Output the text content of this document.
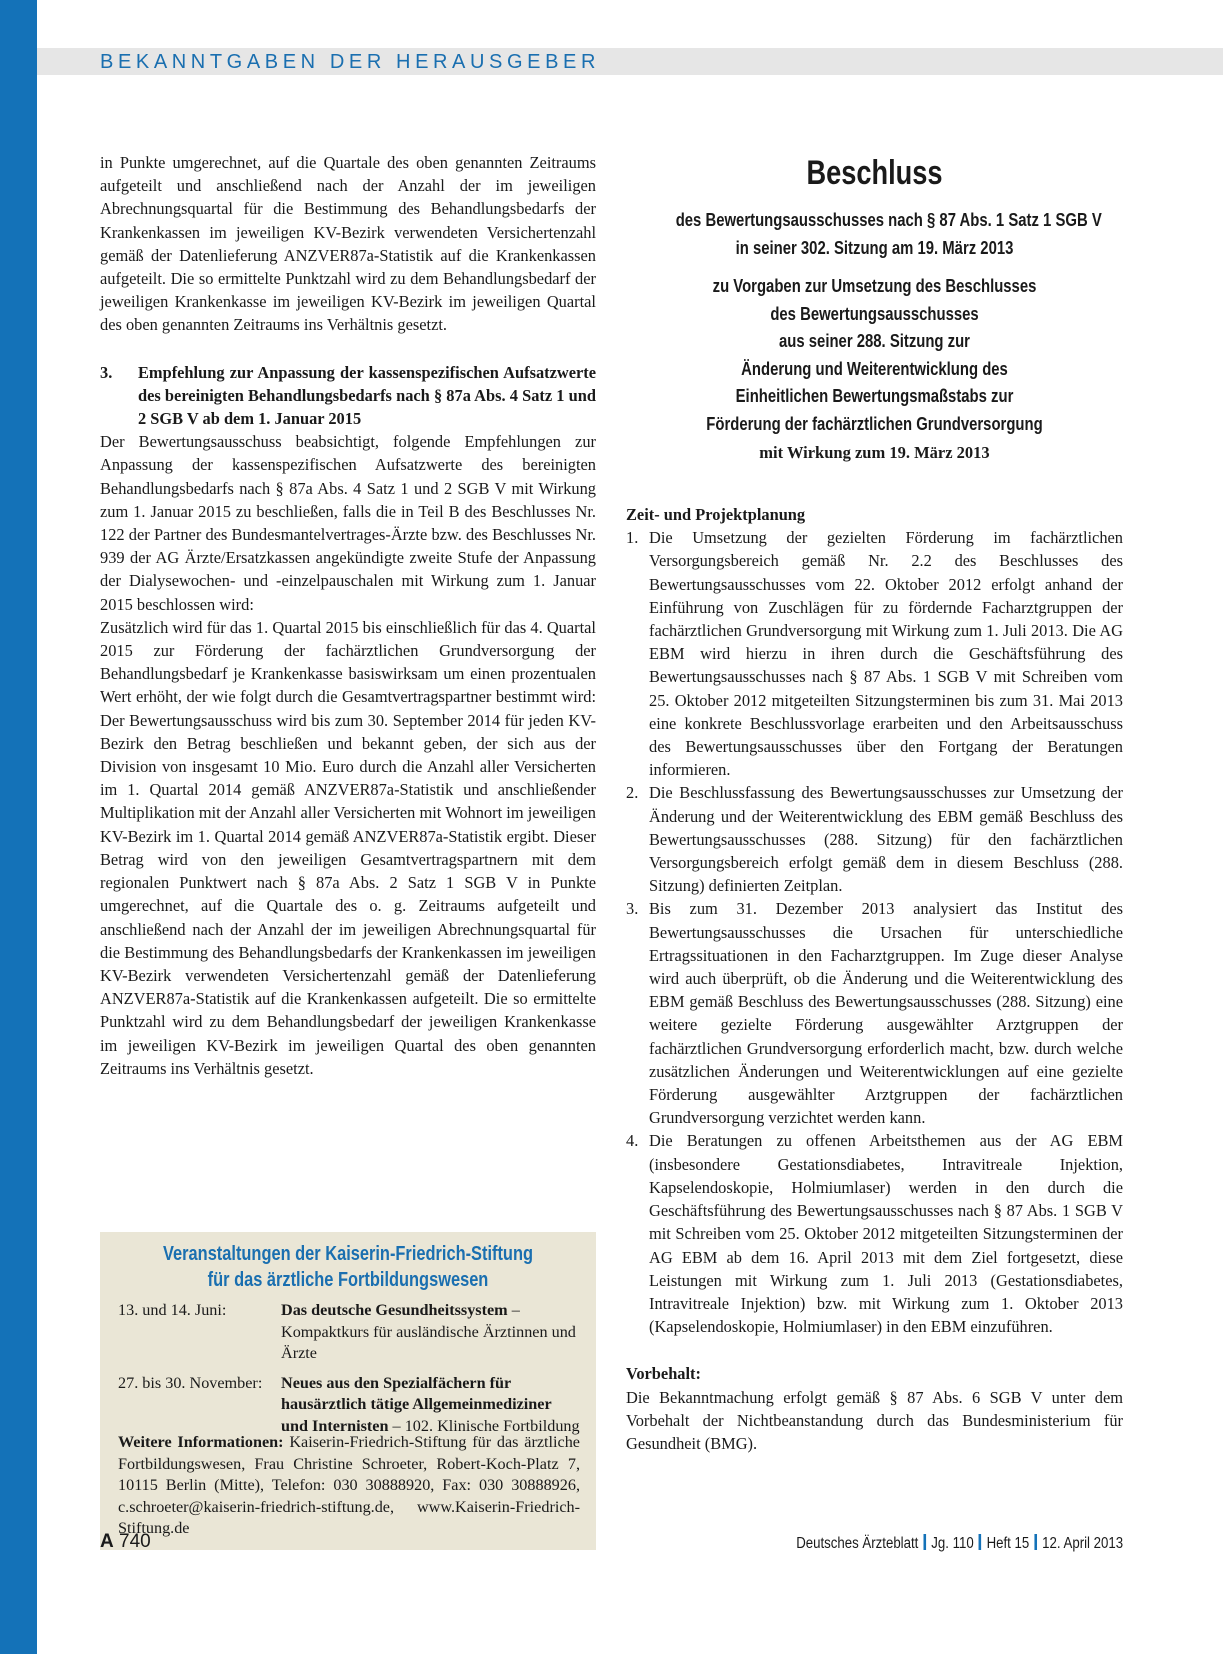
BEKANNTGABEN DER HERAUSGEBER

in Punkte umgerechnet, auf die Quartale des oben genannten Zeitraums aufgeteilt und anschließend nach der Anzahl der im jeweiligen Abrechnungsquartal für die Bestimmung des Behandlungsbedarfs der Krankenkassen im jeweiligen KV-Bezirk verwendeten Versichertenzahl gemäß der Datenlieferung ANZVER87a-Statistik auf die Krankenkassen aufgeteilt. Die so ermittelte Punktzahl wird zu dem Behandlungsbedarf der jeweiligen Krankenkasse im jeweiligen KV-Bezirk im jeweiligen Quartal des oben genannten Zeitraums ins Verhältnis gesetzt.

3.	Empfehlung zur Anpassung der kassenspezifischen Aufsatzwerte des bereinigten Behandlungsbedarfs nach § 87a Abs. 4 Satz 1 und 2 SGB V ab dem 1. Januar 2015

Der Bewertungsausschuss beabsichtigt, folgende Empfehlungen zur Anpassung der kassenspezifischen Aufsatzwerte des bereinigten Behandlungsbedarfs nach § 87a Abs. 4 Satz 1 und 2 SGB V mit Wirkung zum 1. Januar 2015 zu beschließen, falls die in Teil B des Beschlusses Nr. 122 der Partner des Bundesmantelvertrages-Ärzte bzw. des Beschlusses Nr. 939 der AG Ärzte/Ersatzkassen angekündigte zweite Stufe der Anpassung der Dialysewochen- und -einzelpauschalen mit Wirkung zum 1. Januar 2015 beschlossen wird:

Zusätzlich wird für das 1. Quartal 2015 bis einschließlich für das 4. Quartal 2015 zur Förderung der fachärztlichen Grundversorgung der Behandlungsbedarf je Krankenkasse basiswirksam um einen prozentualen Wert erhöht, der wie folgt durch die Gesamtvertragspartner bestimmt wird: Der Bewertungsausschuss wird bis zum 30. September 2014 für jeden KV-Bezirk den Betrag beschließen und bekannt geben, der sich aus der Division von insgesamt 10 Mio. Euro durch die Anzahl aller Versicherten im 1. Quartal 2014 gemäß ANZVER87a-Statistik und anschließender Multiplikation mit der Anzahl aller Versicherten mit Wohnort im jeweiligen KV-Bezirk im 1. Quartal 2014 gemäß ANZVER87a-Statistik ergibt. Dieser Betrag wird von den jeweiligen Gesamtvertragspartnern mit dem regionalen Punktwert nach § 87a Abs. 2 Satz 1 SGB V in Punkte umgerechnet, auf die Quartale des o. g. Zeitraums aufgeteilt und anschließend nach der Anzahl der im jeweiligen Abrechnungsquartal für die Bestimmung des Behandlungsbedarfs der Krankenkassen im jeweiligen KV-Bezirk verwendeten Versichertenzahl gemäß der Datenlieferung ANZVER87a-Statistik auf die Krankenkassen aufgeteilt. Die so ermittelte Punktzahl wird zu dem Behandlungsbedarf der jeweiligen Krankenkasse im jeweiligen KV-Bezirk im jeweiligen Quartal des oben genannten Zeitraums ins Verhältnis gesetzt.

Veranstaltungen der Kaiserin-Friedrich-Stiftung
für das ärztliche Fortbildungswesen
13. und 14. Juni:	Das deutsche Gesundheitssystem – Kompaktkurs für ausländische Ärztinnen und Ärzte
27. bis 30. November:	Neues aus den Spezialfächern für hausärztlich tätige Allgemeinmediziner und Internisten – 102. Klinische Fortbildung
Weitere Informationen: Kaiserin-Friedrich-Stiftung für das ärztliche Fortbildungswesen, Frau Christine Schroeter, Robert-Koch-Platz 7, 10115 Berlin (Mitte), Telefon: 030 30888920, Fax: 030 30888926, c.schroeter@kaiserin-friedrich-stiftung.de, www.Kaiserin-Friedrich-Stiftung.de
Beschluss
des Bewertungsausschusses nach § 87 Abs. 1 Satz 1 SGB V
in seiner 302. Sitzung am 19. März 2013
zu Vorgaben zur Umsetzung des Beschlusses
des Bewertungsausschusses
aus seiner 288. Sitzung zur
Änderung und Weiterentwicklung des
Einheitlichen Bewertungsmaßstabs zur
Förderung der fachärztlichen Grundversorgung
mit Wirkung zum 19. März 2013

Zeit- und Projektplanung

1. Die Umsetzung der gezielten Förderung im fachärztlichen Versorgungsbereich gemäß Nr. 2.2 des Beschlusses des Bewertungsausschusses vom 22. Oktober 2012 erfolgt anhand der Einführung von Zuschlägen für zu fördernde Facharztgruppen der fachärztlichen Grundversorgung mit Wirkung zum 1. Juli 2013. Die AG EBM wird hierzu in ihren durch die Geschäftsführung des Bewertungsausschusses nach § 87 Abs. 1 SGB V mit Schreiben vom 25. Oktober 2012 mitgeteilten Sitzungsterminen bis zum 31. Mai 2013 eine konkrete Beschlussvorlage erarbeiten und den Arbeitsausschuss des Bewertungsausschusses über den Fortgang der Beratungen informieren.
2. Die Beschlussfassung des Bewertungsausschusses zur Umsetzung der Änderung und der Weiterentwicklung des EBM gemäß Beschluss des Bewertungsausschusses (288. Sitzung) für den fachärztlichen Versorgungsbereich erfolgt gemäß dem in diesem Beschluss (288. Sitzung) definierten Zeitplan.
3. Bis zum 31. Dezember 2013 analysiert das Institut des Bewertungsausschusses die Ursachen für unterschiedliche Ertragssituationen in den Facharztgruppen. Im Zuge dieser Analyse wird auch überprüft, ob die Änderung und die Weiterentwicklung des EBM gemäß Beschluss des Bewertungsausschusses (288. Sitzung) eine weitere gezielte Förderung ausgewählter Arztgruppen der fachärztlichen Grundversorgung erforderlich macht, bzw. durch welche zusätzlichen Änderungen und Weiterentwicklungen auf eine gezielte Förderung ausgewählter Arztgruppen der fachärztlichen Grundversorgung verzichtet werden kann.
4. Die Beratungen zu offenen Arbeitsthemen aus der AG EBM (insbesondere Gestationsdiabetes, Intravitreale Injektion, Kapselendoskopie, Holmiumlaser) werden in den durch die Geschäftsführung des Bewertungsausschusses nach § 87 Abs. 1 SGB V mit Schreiben vom 25. Oktober 2012 mitgeteilten Sitzungsterminen der AG EBM ab dem 16. April 2013 mit dem Ziel fortgesetzt, diese Leistungen mit Wirkung zum 1. Juli 2013 (Gestationsdiabetes, Intravitreale Injektion) bzw. mit Wirkung zum 1. Oktober 2013 (Kapselendoskopie, Holmiumlaser) in den EBM einzuführen.

Vorbehalt:

Die Bekanntmachung erfolgt gemäß § 87 Abs. 6 SGB V unter dem Vorbehalt der Nichtbeanstandung durch das Bundesministerium für Gesundheit (BMG).

A 740	Deutsches Ärzteblatt Jg. 110 Heft 15 12. April 2013
